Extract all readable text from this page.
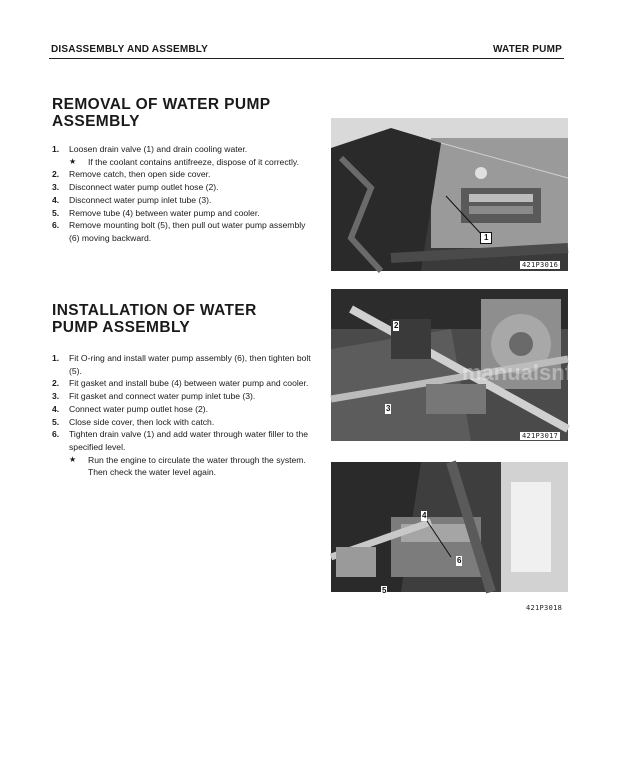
DISASSEMBLY AND ASSEMBLY	WATER PUMP
REMOVAL OF WATER PUMP
ASSEMBLY
1. Loosen drain valve (1) and drain cooling water.
★ If the coolant contains antifreeze, dispose of it correctly.
2. Remove catch, then open side cover.
3. Disconnect water pump outlet hose (2).
4. Disconnect water pump inlet tube (3).
5. Remove tube (4) between water pump and cooler.
6. Remove mounting bolt (5), then pull out water pump assembly (6) moving backward.
INSTALLATION OF WATER
PUMP ASSEMBLY
1. Fit O-ring and install water pump assembly (6), then tighten bolt (5).
2. Fit gasket and install bube (4) between water pump and cooler.
3. Fit gasket and connect water pump inlet tube (3).
4. Connect water pump outlet hose (2).
5. Close side cover, then lock with catch.
6. Tighten drain valve (1) and add water through water filler to the specified level.
★ Run the engine to circulate the water through the system. Then check the water level again.
1
421P3016
2
3
421P3017
4
6
5
421P3018
manualsnfo.com
